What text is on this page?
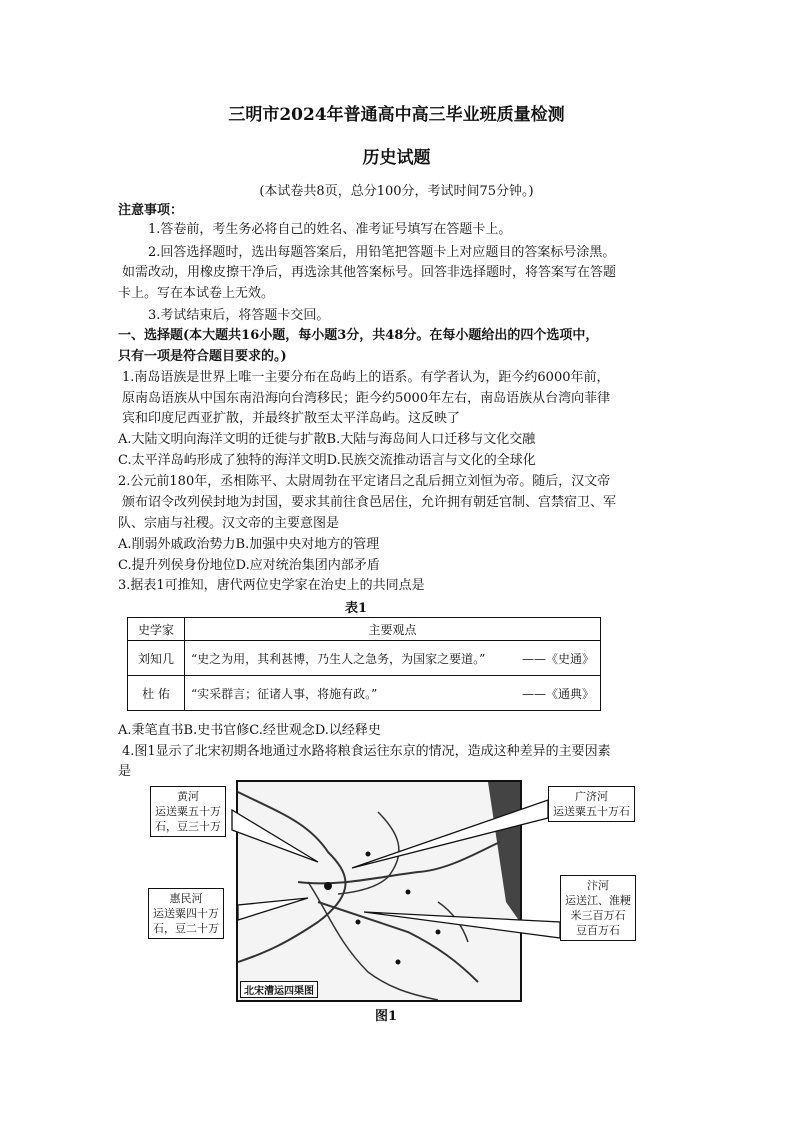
三明市2024年普通高中高三毕业班质量检测
历史试题
(本试卷共8页，总分100分，考试时间75分钟。)
注意事项：
1.答卷前，考生务必将自己的姓名、准考证号填写在答题卡上。
2.回答选择题时，选出每题答案后，用铅笔把答题卡上对应题目的答案标号涂黑。
如需改动，用橡皮擦干净后，再选涂其他答案标号。回答非选择题时，将答案写在答题
卡上。写在本试卷上无效。
3.考试结束后，将答题卡交回。
一、选择题(本大题共16小题，每小题3分，共48分。在每小题给出的四个选项中，
只有一项是符合题目要求的。)
1.南岛语族是世界上唯一主要分布在岛屿上的语系。有学者认为，距今约6000年前，
原南岛语族从中国东南沿海向台湾移民；距今约5000年左右，南岛语族从台湾向菲律
宾和印度尼西亚扩散，并最终扩散至太平洋岛屿。这反映了
A.大陆文明向海洋文明的迁徙与扩散B.大陆与海岛间人口迁移与文化交融
C.太平洋岛屿形成了独特的海洋文明D.民族交流推动语言与文化的全球化
2.公元前180年，丞相陈平、太尉周勃在平定诸吕之乱后拥立刘恒为帝。随后，汉文帝
颁布诏令改列侯封地为封国，要求其前往食邑居住，允许拥有朝廷官制、宫禁宿卫、军
队、宗庙与社稷。汉文帝的主要意图是
A.削弱外戚政治势力B.加强中央对地方的管理
C.提升列侯身份地位D.应对统治集团内部矛盾
3.据表1可推知，唐代两位史学家在治史上的共同点是
表1
史学家	主要观点
刘知几	“史之为用，其利甚博，乃生人之急务，为国家之要道。” ——《史通》

杜 佑	“实采群言；征诸人事，将施有政。” ——《通典》
A.秉笔直书B.史书官修C.经世观念D.以经释史
4.图1显示了北宋初期各地通过水路将粮食运往东京的情况，造成这种差异的主要因素
是
北宋漕运四渠图
黄河
运送粟五十万
石，豆三十万
广济河
运送粟五十万石
惠民河
运送粟四十万
石，豆二十万
汴河
运送江、淮粳
米三百万石
豆百万石
图1
